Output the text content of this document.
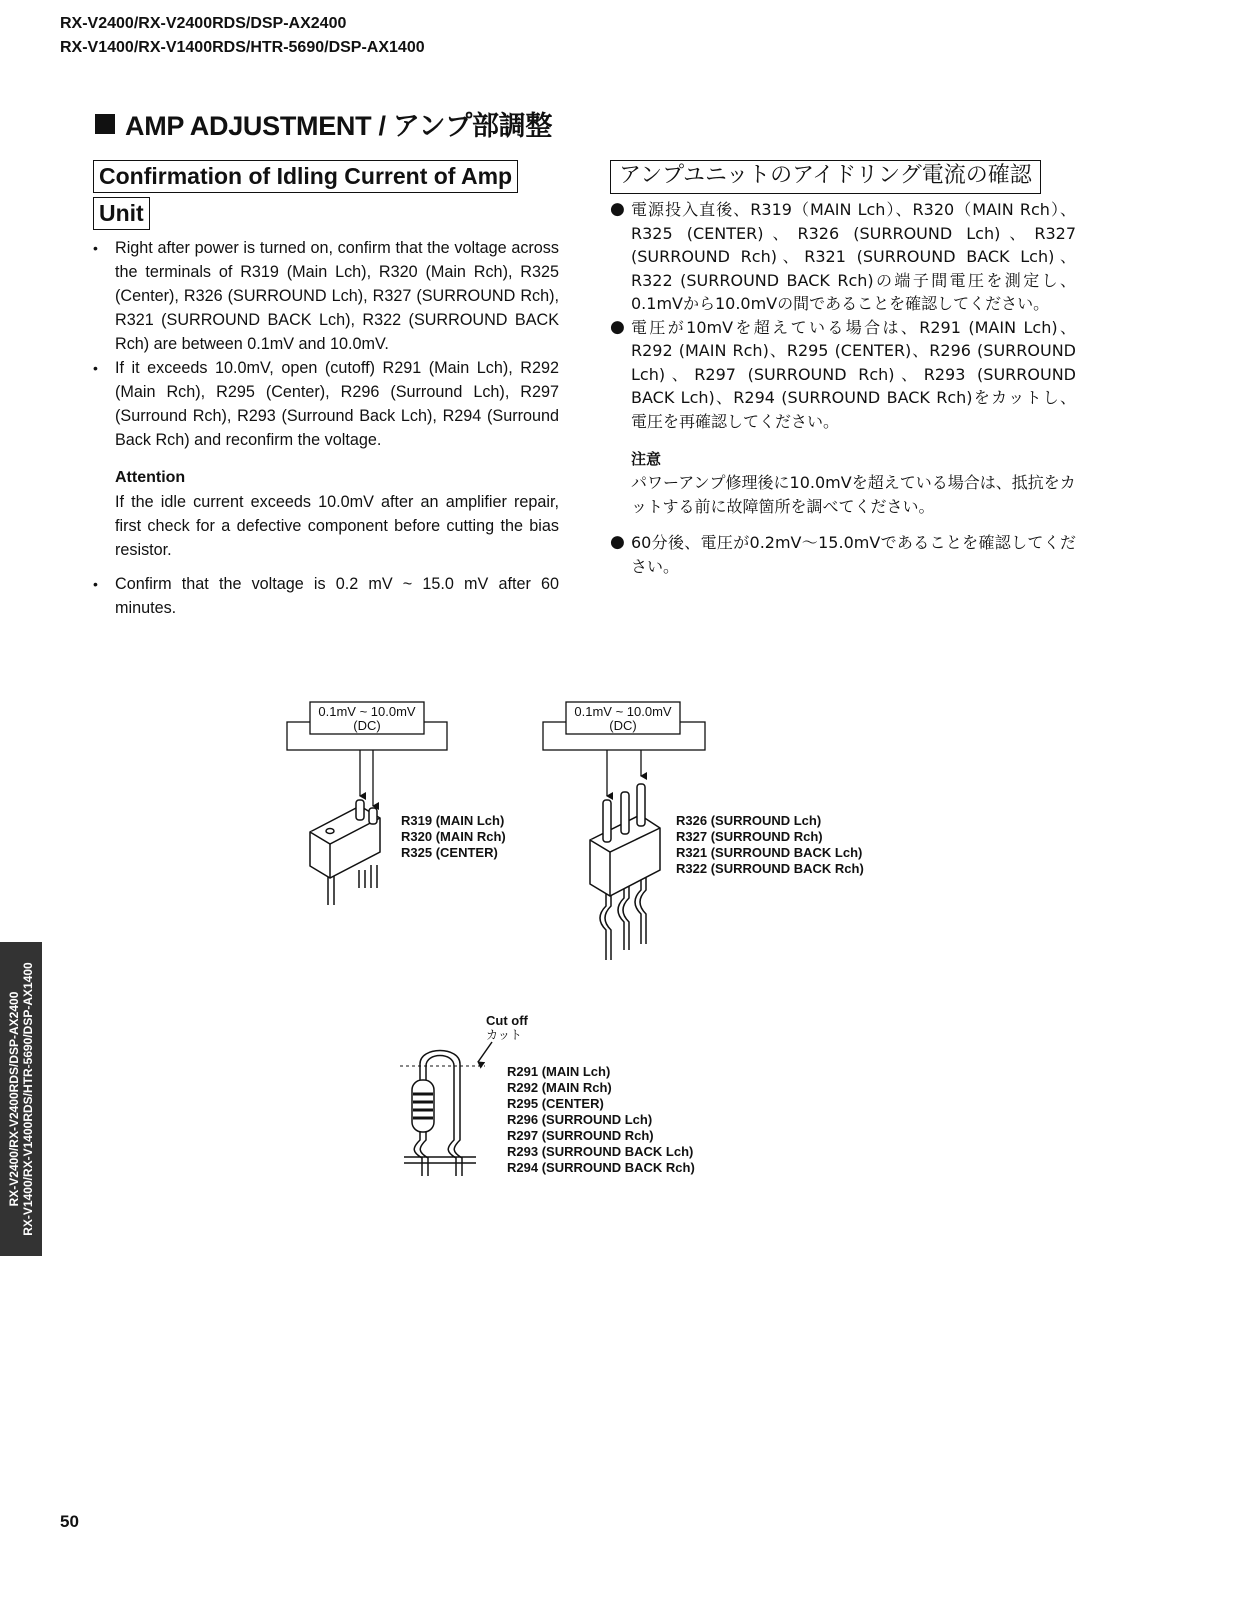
RX-V2400/RX-V2400RDS/DSP-AX2400
RX-V1400/RX-V1400RDS/HTR-5690/DSP-AX1400
AMP ADJUSTMENT / アンプ部調整
Confirmation of Idling Current of Amp
Unit
• Right after power is turned on, confirm that the voltage across the terminals of R319 (Main Lch), R320 (Main Rch), R325 (Center), R326 (SURROUND Lch), R327 (SURROUND Rch), R321 (SURROUND BACK Lch), R322 (SURROUND BACK Rch) are between 0.1mV and 10.0mV.
• If it exceeds 10.0mV, open (cutoff) R291 (Main Lch), R292 (Main Rch), R295 (Center), R296 (Surround Lch), R297 (Surround Rch), R293 (Surround Back Lch), R294 (Surround Back Rch) and reconfirm the voltage.
Attention
If the idle current exceeds 10.0mV after an amplifier repair, first check for a defective component before cutting the bias resistor.
• Confirm that the voltage is 0.2 mV ~ 15.0 mV after 60 minutes.
アンプユニットのアイドリング電流の確認
● 電源投入直後、R319（MAIN Lch）、R320（MAIN Rch）、R325 (CENTER)、R326 (SURROUND Lch)、R327 (SURROUND Rch)、R321 (SURROUND BACK Lch)、R322 (SURROUND BACK Rch)の端子間電圧を測定し、0.1mVから10.0mVの間であることを確認してください。
● 電圧が10mVを超えている場合は、R291 (MAIN Lch)、R292 (MAIN Rch)、R295 (CENTER)、R296 (SURROUND Lch)、R297 (SURROUND Rch)、R293 (SURROUND BACK Lch)、R294 (SURROUND BACK Rch)をカットし、電圧を再確認してください。
注意
パワーアンプ修理後に10.0mVを超えている場合は、抵抗をカットする前に故障箇所を調べてください。
● 60分後、電圧が0.2mV〜15.0mVであることを確認してください。
0.1mV ~ 10.0mV
(DC)
R319 (MAIN Lch)
R320 (MAIN Rch)
R325 (CENTER)
0.1mV ~ 10.0mV
(DC)
R326 (SURROUND Lch)
R327 (SURROUND Rch)
R321 (SURROUND BACK Lch)
R322 (SURROUND BACK Rch)
Cut off
カット
R291 (MAIN Lch)
R292 (MAIN Rch)
R295 (CENTER)
R296 (SURROUND Lch)
R297 (SURROUND Rch)
R293 (SURROUND BACK Lch)
R294 (SURROUND BACK Rch)
RX-V2400/RX-V2400RDS/DSP-AX2400 RX-V1400/RX-V1400RDS/HTR-5690/DSP-AX1400
50
